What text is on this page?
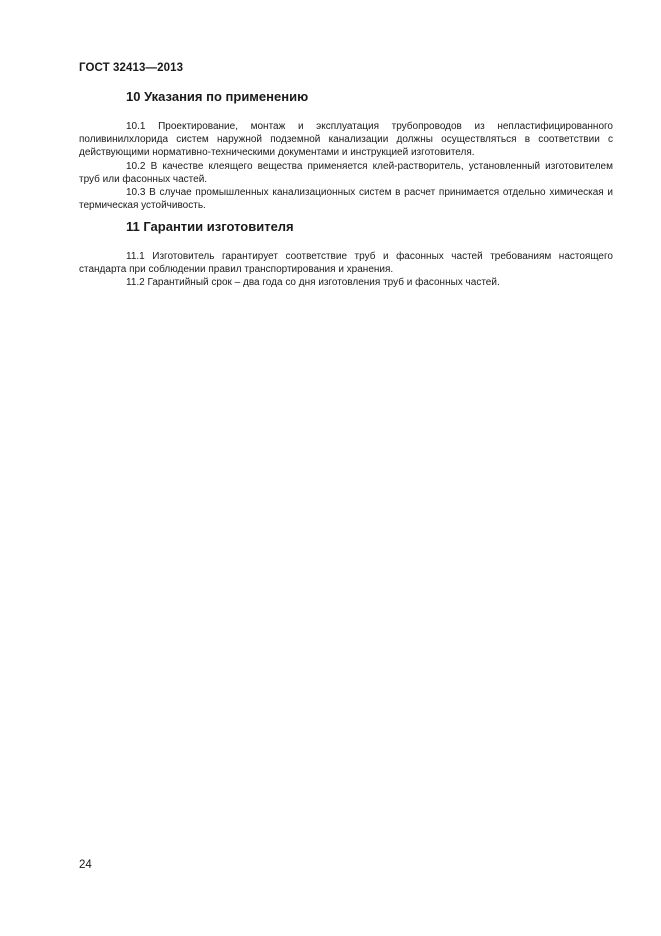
ГОСТ 32413—2013
10 Указания по применению

10.1 Проектирование, монтаж и эксплуатация трубопроводов из непластифицированного поливинилхлорида систем наружной подземной канализации должны осуществляться в соответствии с действующими нормативно-техническими документами и инструкцией изготовителя.

10.2 В качестве клеящего вещества применяется клей-растворитель, установленный изготовителем труб или фасонных частей.

10.3 В случае промышленных канализационных систем в расчет принимается отдельно химическая и термическая устойчивость.

11 Гарантии изготовителя

11.1 Изготовитель гарантирует соответствие труб и фасонных частей требованиям настоящего стандарта при соблюдении правил транспортирования и хранения.

11.2 Гарантийный срок – два года со дня изготовления труб и фасонных частей.

24
